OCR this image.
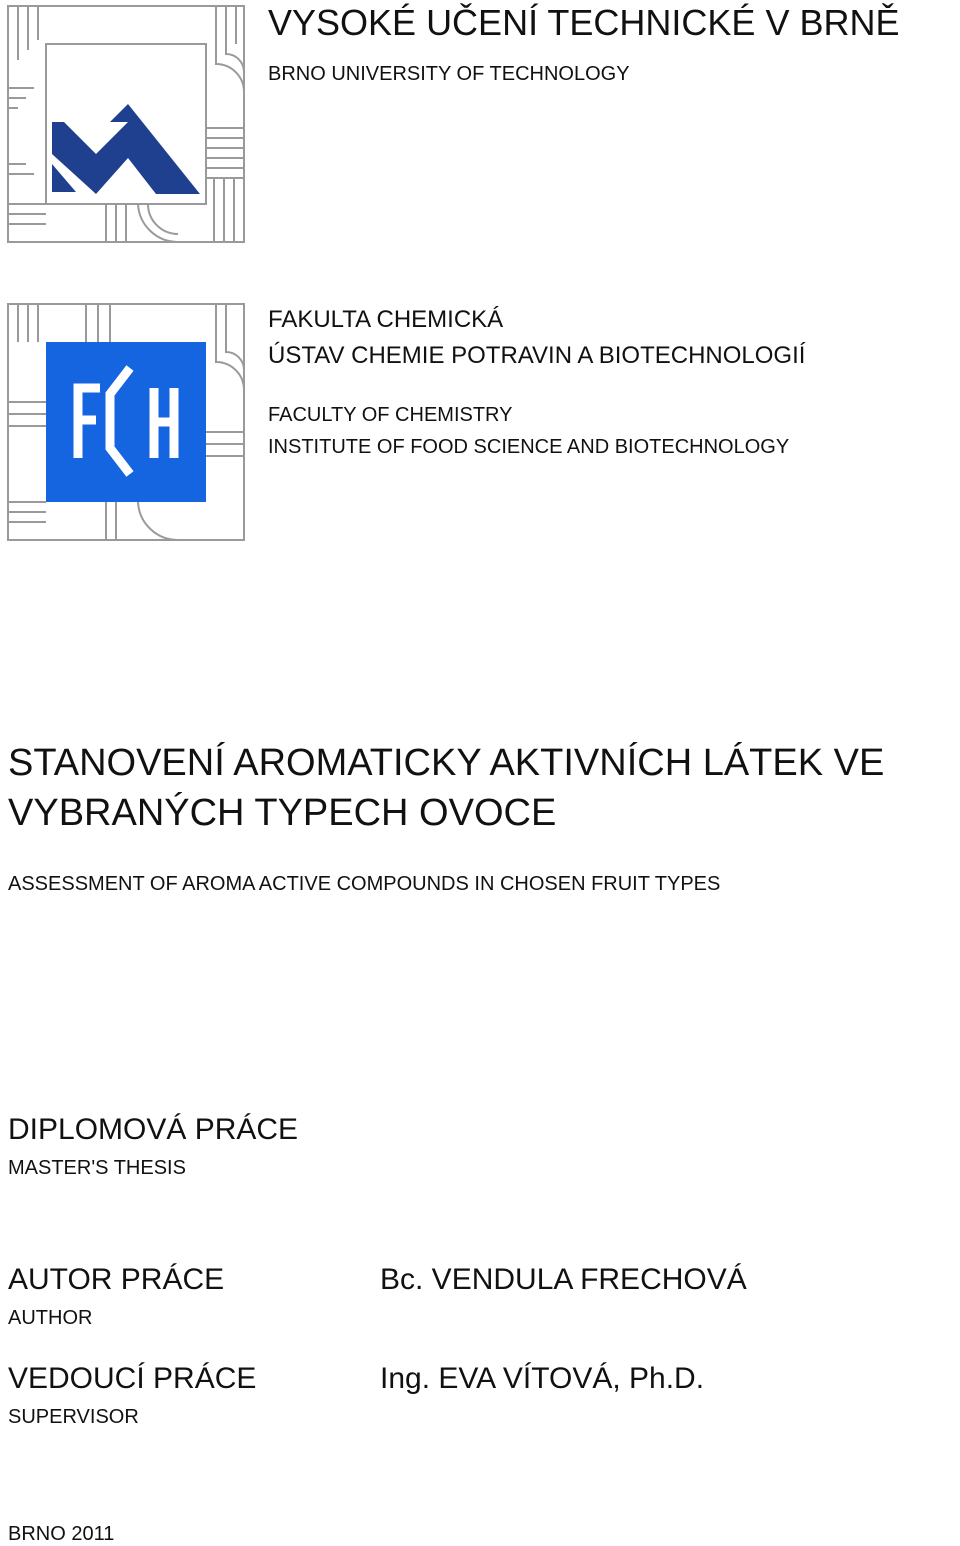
VYSOKÉ UČENÍ TECHNICKÉ V BRNĚ
BRNO UNIVERSITY OF TECHNOLOGY
FAKULTA CHEMICKÁ
ÚSTAV CHEMIE POTRAVIN A BIOTECHNOLOGIÍ
FACULTY OF CHEMISTRY
INSTITUTE OF FOOD SCIENCE AND BIOTECHNOLOGY
STANOVENÍ AROMATICKY AKTIVNÍCH LÁTEK VE
VYBRANÝCH TYPECH OVOCE
ASSESSMENT OF AROMA ACTIVE COMPOUNDS IN CHOSEN FRUIT TYPES
DIPLOMOVÁ PRÁCE
MASTER'S THESIS
AUTOR PRÁCE
AUTHOR
Bc. VENDULA FRECHOVÁ
VEDOUCÍ PRÁCE
SUPERVISOR
Ing. EVA VÍTOVÁ, Ph.D.
BRNO 2011
